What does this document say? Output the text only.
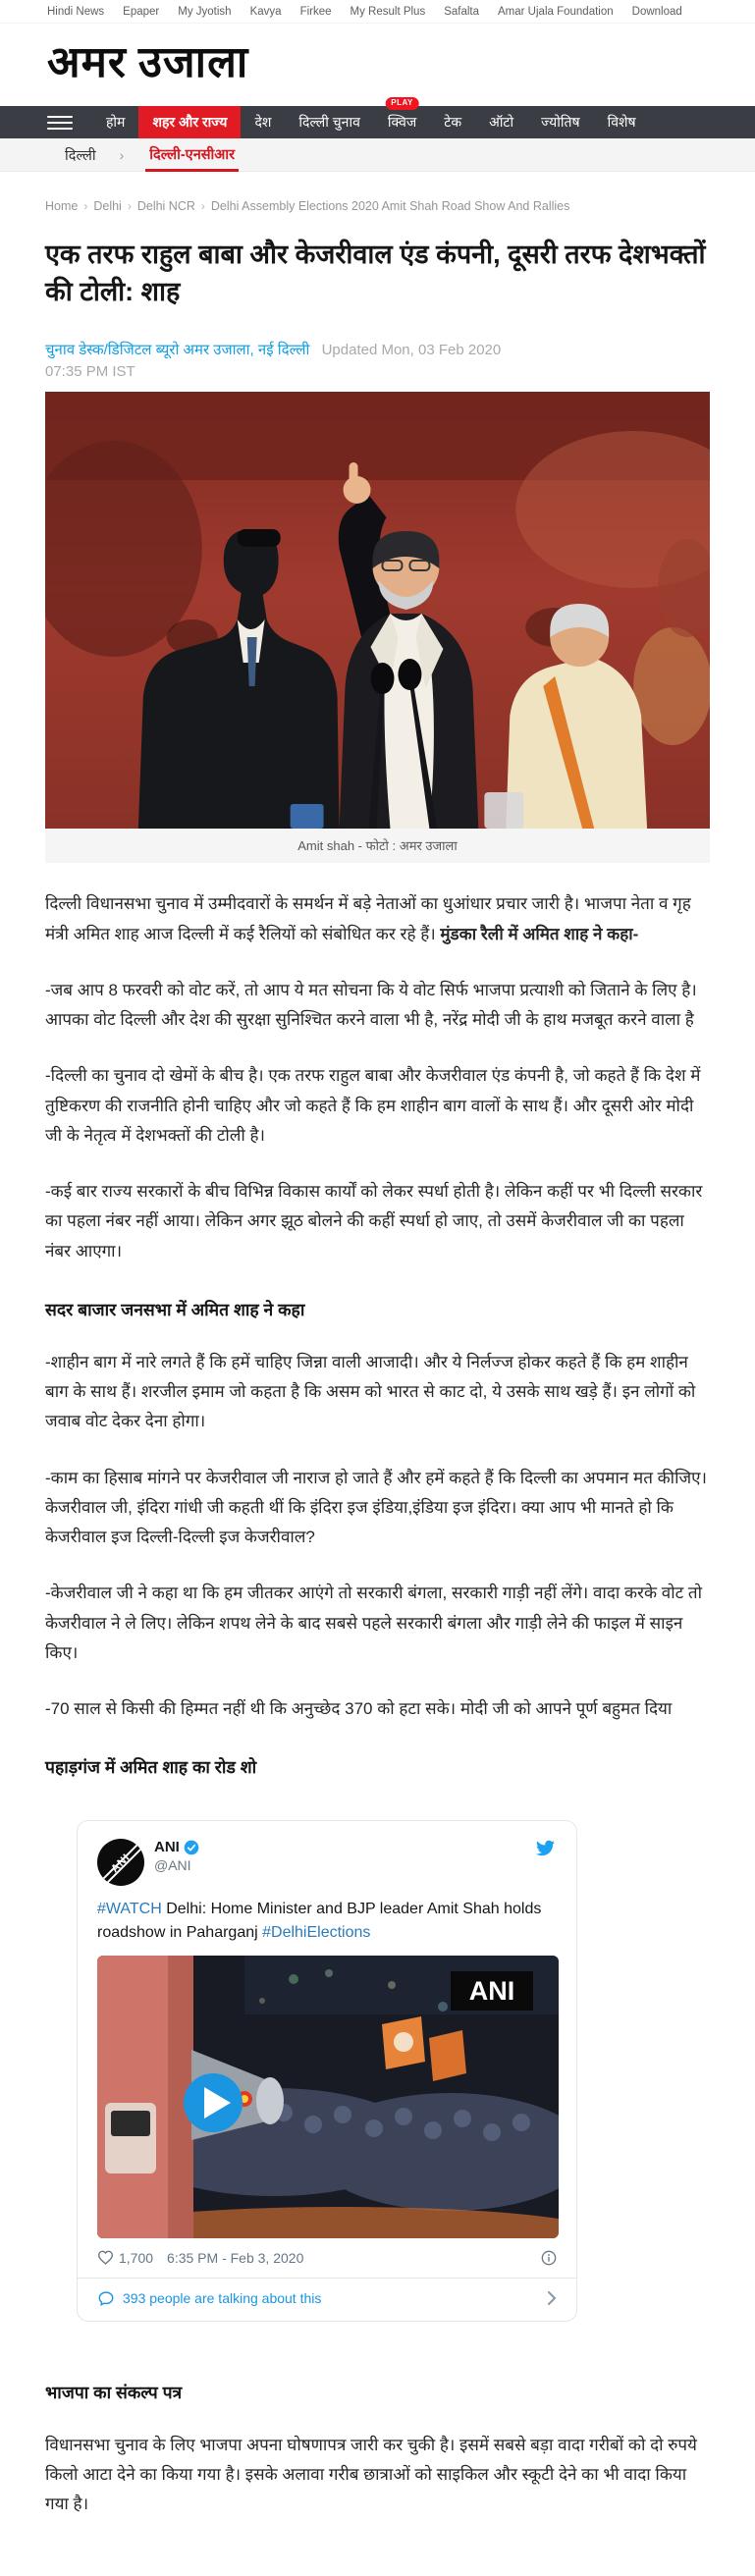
Hindi News Epaper My Jyotish Kavya Firkee My Result Plus Safalta Amar Ujala Foundation Download
अमर उजाला
होम	शहर और राज्य	देश	दिल्ली चुनाव
PLAY
क्विज	टेक	ऑटो	ज्योतिष	विशेष
दिल्ली	›	दिल्ली-एनसीआर
Home › Delhi › Delhi NCR › Delhi Assembly Elections 2020 Amit Shah Road Show And Rallies
एक तरफ राहुल बाबा और केजरीवाल एंड कंपनी, दूसरी तरफ देशभक्तों की टोली: शाह
चुनाव डेस्क/डिजिटल ब्यूरो अमर उजाला, नई दिल्ली Updated Mon, 03 Feb 2020
07:35 PM IST
Amit shah - फोटो : अमर उजाला

दिल्ली विधानसभा चुनाव में उम्मीदवारों के समर्थन में बड़े नेताओं का धुआंधार प्रचार जारी है। भाजपा नेता व गृह मंत्री अमित शाह आज दिल्ली में कई रैलियों को संबोधित कर रहे हैं। मुंडका रैली में अमित शाह ने कहा-

-जब आप 8 फरवरी को वोट करें, तो आप ये मत सोचना कि ये वोट सिर्फ भाजपा प्रत्याशी को जिताने के लिए है। आपका वोट दिल्ली और देश की सुरक्षा सुनिश्चित करने वाला भी है, नरेंद्र मोदी जी के हाथ मजबूत करने वाला है

-दिल्ली का चुनाव दो खेमों के बीच है। एक तरफ राहुल बाबा और केजरीवाल एंड कंपनी है, जो कहते हैं कि देश में तुष्टिकरण की राजनीति होनी चाहिए और जो कहते हैं कि हम शाहीन बाग वालों के साथ हैं। और दूसरी ओर मोदी जी के नेतृत्व में देशभक्तों की टोली है।

-कई बार राज्य सरकारों के बीच विभिन्न विकास कार्यों को लेकर स्पर्धा होती है। लेकिन कहीं पर भी दिल्ली सरकार का पहला नंबर नहीं आया। लेकिन अगर झूठ बोलने की कहीं स्पर्धा हो जाए, तो उसमें केजरीवाल जी का पहला नंबर आएगा।

सदर बाजार जनसभा में अमित शाह ने कहा

-शाहीन बाग में नारे लगते हैं कि हमें चाहिए जिन्ना वाली आजादी। और ये निर्लज्ज होकर कहते हैं कि हम शाहीन बाग के साथ हैं। शरजील इमाम जो कहता है कि असम को भारत से काट दो, ये उसके साथ खड़े हैं। इन लोगों को जवाब वोट देकर देना होगा।

-काम का हिसाब मांगने पर केजरीवाल जी नाराज हो जाते हैं और हमें कहते हैं कि दिल्ली का अपमान मत कीजिए। केजरीवाल जी, इंदिरा गांधी जी कहती थीं कि इंदिरा इज इंडिया,इंडिया इज इंदिरा। क्या आप भी मानते हो कि केजरीवाल इज दिल्ली-दिल्ली इज केजरीवाल?

-केजरीवाल जी ने कहा था कि हम जीतकर आएंगे तो सरकारी बंगला, सरकारी गाड़ी नहीं लेंगे। वादा करके वोट तो केजरीवाल ने ले लिए। लेकिन शपथ लेने के बाद सबसे पहले सरकारी बंगला और गाड़ी लेने की फाइल में साइन किए।

-70 साल से किसी की हिम्मत नहीं थी कि अनुच्छेद 370 को हटा सके। मोदी जी को आपने पूर्ण बहुमत दिया

पहाड़गंज में अमित शाह का रोड शो
ANI
ANI
@ANI
#WATCH Delhi: Home Minister and BJP leader Amit Shah holds roadshow in Paharganj #DelhiElections
ANI
1,700 6:35 PM - Feb 3, 2020
393 people are talking about this
भाजपा का संकल्प पत्र

विधानसभा चुनाव के लिए भाजपा अपना घोषणापत्र जारी कर चुकी है। इसमें सबसे बड़ा वादा गरीबों को दो रुपये किलो आटा देने का किया गया है। इसके अलावा गरीब छात्राओं को साइकिल और स्कूटी देने का भी वादा किया गया है।
